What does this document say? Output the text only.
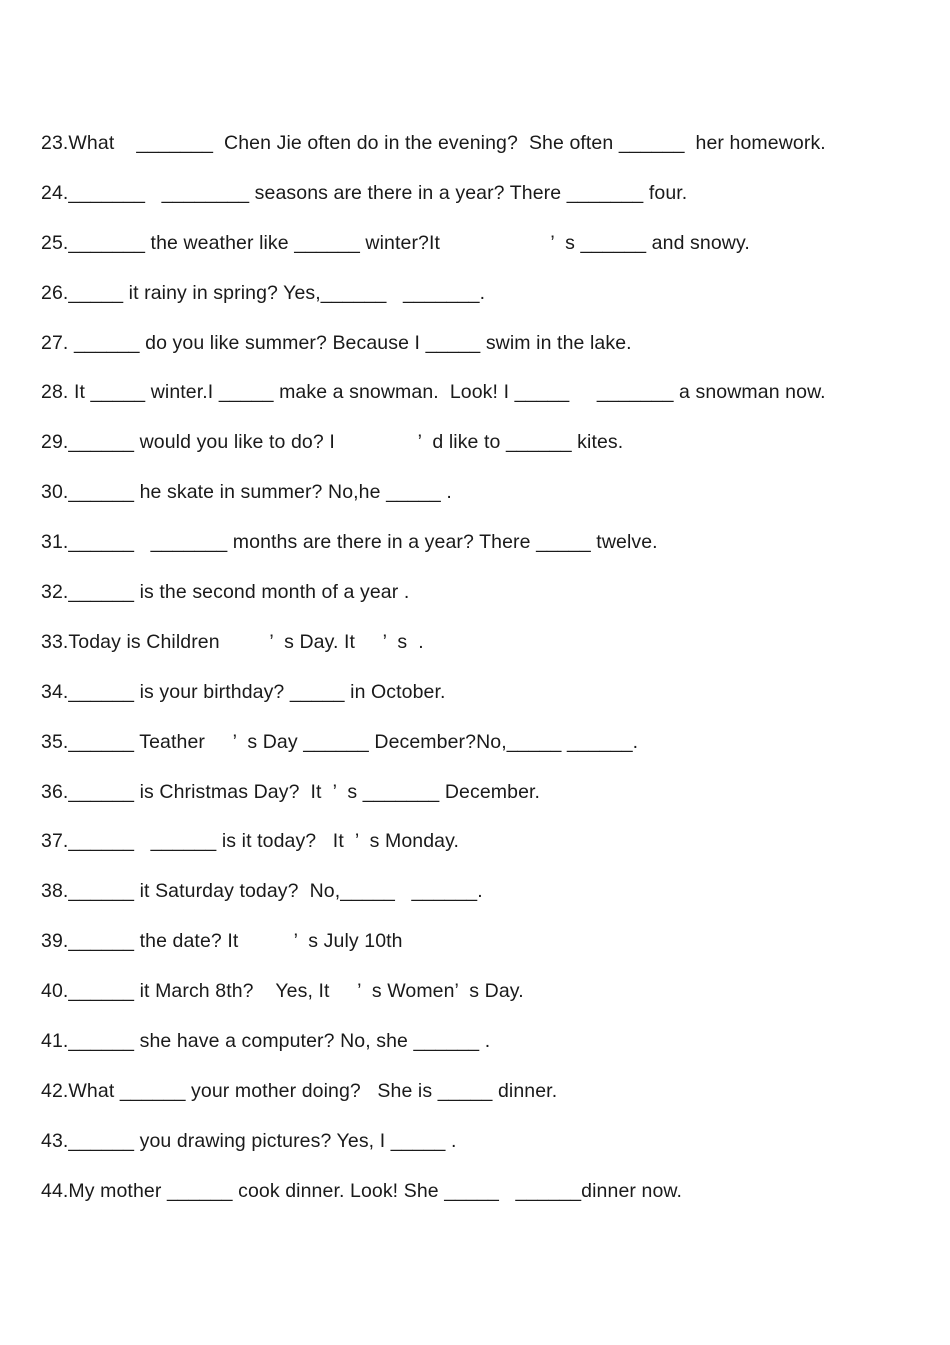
23.What    _______  Chen Jie often do in the evening?  She often ______  her homework.
24._______   ________ seasons are there in a year? There _______ four.
25._______ the weather like ______ winter?It                    ’  s ______ and snowy.
26._____ it rainy in spring? Yes,______   _______.
27. ______ do you like summer? Because I _____ swim in the lake.
28. It _____ winter.I _____ make a snowman.  Look! I _____     _______ a snowman now.
29.______ would you like to do? I               ’  d like to ______ kites.
30.______ he skate in summer? No,he _____ .
31.______   _______ months are there in a year? There _____ twelve.
32.______ is the second month of a year .
33.Today is Children         ’  s Day. It     ’  s  .
34.______ is your birthday? _____ in October.
35.______ Teather     ’  s Day ______ December?No,_____ ______.
36.______ is Christmas Day?  It  ’  s _______ December.
37.______   ______ is it today?   It  ’  s Monday.
38.______ it Saturday today?  No,_____   ______.
39.______ the date? It          ’  s July 10th
40.______ it March 8th?    Yes, It     ’  s Women’  s Day.
41.______ she have a computer? No, she ______ .
42.What ______ your mother doing?   She is _____ dinner.
43.______ you drawing pictures? Yes, I _____ .
44.My mother ______ cook dinner. Look! She _____   ______dinner now.
